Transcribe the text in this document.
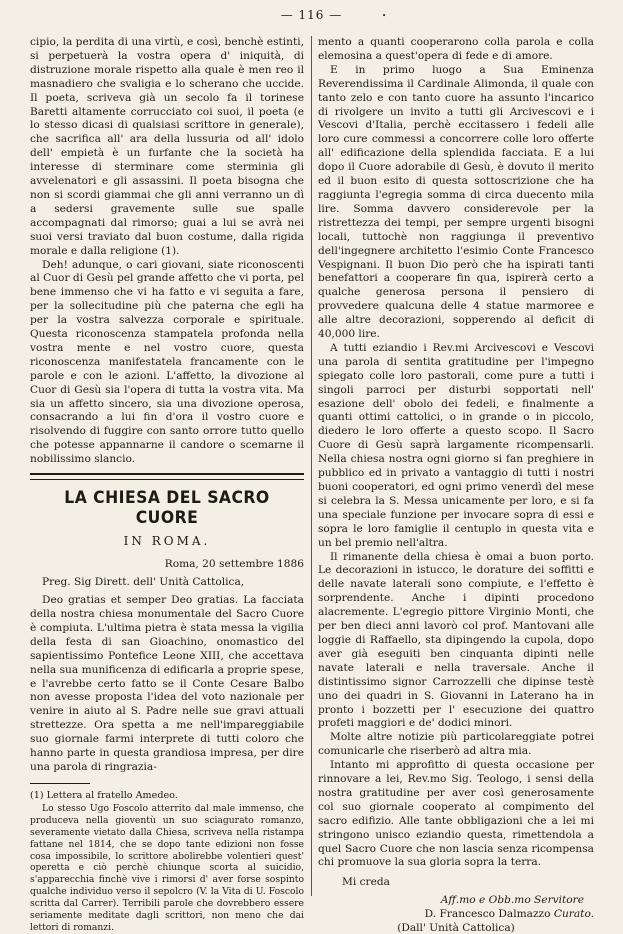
— 116 —	•

cipio, la perdita di una virtù, e così, benchè estinti, si perpetuerà la vostra opera d' iniquità, di distruzione morale rispetto alla quale è men reo il masnadiero che svaligia e lo scherano che uccide. Il poeta, scriveva già un secolo fa il torinese Baretti altamente corrucciato coi suoi, il poeta (e lo stesso dicasi di qualsiasi scrittore in generale), che sacrifica all' ara della lussuria od all' idolo dell' empietà è un furfante che la società ha interesse di sterminare come sterminia gli avvelenatori e gli assassini. Il poeta bisogna che non si scordi giammai che gli anni verranno un dì a sedersi gravemente sulle sue spalle accompagnati dal rimorso; guai a lui se avrà nei suoi versi traviato dal buon costume, dalla rigida morale e dalla religione (1).

Deh! adunque, o cari giovani, siate riconoscenti al Cuor di Gesù pel grande affetto che vi porta, pel bene immenso che vi ha fatto e vi seguita a fare, per la sollecitudine più che paterna che egli ha per la vostra salvezza corporale e spirituale. Questa riconoscenza stampatela profonda nella vostra mente e nel vostro cuore, questa riconoscenza manifestatela francamente con le parole e con le azioni. L'affetto, la divozione al Cuor di Gesù sia l'opera di tutta la vostra vita. Ma sia un affetto sincero, sia una divozione operosa, consacrando a lui fin d'ora il vostro cuore e risolvendo di fuggire con santo orrore tutto quello che potesse appannarne il candore o scemarne il nobilissimo slancio.

LA CHIESA DEL SACRO CUORE
IN ROMA.
Roma, 20 settembre 1886
Preg. Sig Dirett. dell' Unità Cattolica,

Deo gratias et semper Deo gratias. La facciata della nostra chiesa monumentale del Sacro Cuore è compiuta. L'ultima pietra è stata messa la vigilia della festa di san Gioachino, onomastico del sapientissimo Pontefice Leone XIII, che accettava nella sua munificenza di edificarla a proprie spese, e l'avrebbe certo fatto se il Conte Cesare Balbo non avesse proposta l'idea del voto nazionale per venire in aiuto al S. Padre nelle sue gravi attuali strettezze. Ora spetta a me nell'impareggiabile suo giornale farmi interprete di tutti coloro che hanno parte in questa grandiosa impresa, per dire una parola di ringrazia-

(1) Lettera al fratello Amedeo.

Lo stesso Ugo Foscolo atterrito dal male immenso, che produceva nella gioventù un suo sciagurato romanzo, severamente vietato dalla Chiesa, scriveva nella ristampa fattane nel 1814, che se dopo tante edizioni non fosse cosa impossibile, lo scrittore abolirebbe volentieri quest' operetta e ciò perchè chiunque scorta al suicidio, s'apparecchia finchè vive i rimorsi d' aver forse sospinto qualche individuo verso il sepolcro (V. la Vita di U. Foscolo scritta dal Carrer). Terribili parole che dovrebbero essere seriamente meditate dagli scrittori, non meno che dai lettori di romanzi.

mento a quanti cooperarono colla parola e colla elemosina a quest'opera di fede e di amore.

E in primo luogo a Sua Eminenza Reverendissima il Cardinale Alimonda, il quale con tanto zelo e con tanto cuore ha assunto l'incarico di rivolgere un invito a tutti gli Arcivescovi e i Vescovi d'Italia, perchè eccitassero i fedeli alle loro cure commessi a concorrere colle loro offerte all' edificazione della splendida facciata. E a lui dopo il Cuore adorabile di Gesù, è dovuto il merito ed il buon esito di questa sottoscrizione che ha raggiunta l'egregia somma di circa duecento mila lire. Somma davvero considerevole per la ristrettezza dei tempi, per sempre urgenti bisogni locali, tuttochè non raggiunga il preventivo dell'ingegnere architetto l'esimio Conte Francesco Vespignani. Il buon Dio però che ha ispirati tanti benefattori a cooperare fin qua, ispirerà certo a qualche generosa persona il pensiero di provvedere qualcuna delle 4 statue marmoree e alle altre decorazioni, sopperendo al deficit di 40,000 lire.

A tutti eziandio i Rev.mi Arcivescovi e Vescovi una parola di sentita gratitudine per l'impegno spiegato colle loro pastorali, come pure a tutti i singoli parroci per disturbi sopportati nell' esazione dell' obolo dei fedeli, e finalmente a quanti ottimi cattolici, o in grande o in piccolo, diedero le loro offerte a questo scopo. Il Sacro Cuore di Gesù saprà largamente ricompensarli. Nella chiesa nostra ogni giorno si fan preghiere in pubblico ed in privato a vantaggio di tutti i nostri buoni cooperatori, ed ogni primo venerdì del mese si celebra la S. Messa unicamente per loro, e si fa una speciale funzione per invocare sopra di essi e sopra le loro famiglie il centuplo in questa vita e un bel premio nell'altra.

Il rimanente della chiesa è omai a buon porto. Le decorazioni in istucco, le dorature dei soffitti e delle navate laterali sono compiute, e l'effetto è sorprendente. Anche i dipinti procedono alacremente. L'egregio pittore Virginio Monti, che per ben dieci anni lavorò col prof. Mantovani alle loggie di Raffaello, sta dipingendo la cupola, dopo aver già eseguiti ben cinquanta dipinti nelle navate laterali e nella traversale. Anche il distintissimo signor Carrozzelli che dipinse testè uno dei quadri in S. Giovanni in Laterano ha in pronto i bozzetti per l' esecuzione dei quattro profeti maggiori e de' dodici minori.

Molte altre notizie più particolareggiate potrei comunicarle che riserberò ad altra mia.

Intanto mi approfitto di questa occasione per rinnovare a lei, Rev.mo Sig. Teologo, i sensi della nostra gratitudine per aver così generosamente col suo giornale cooperato al compimento del sacro edifizio. Alle tante obbligazioni che a lei mi stringono unisco eziandio questa, rimettendola a quel Sacro Cuore che non lascia senza ricompensa chi promuove la sua gloria sopra la terra.

Mi creda
Aff.mo e Obb.mo Servitore
D. Francesco Dalmazzo Curato.
(Dall' Unità Cattolica)
